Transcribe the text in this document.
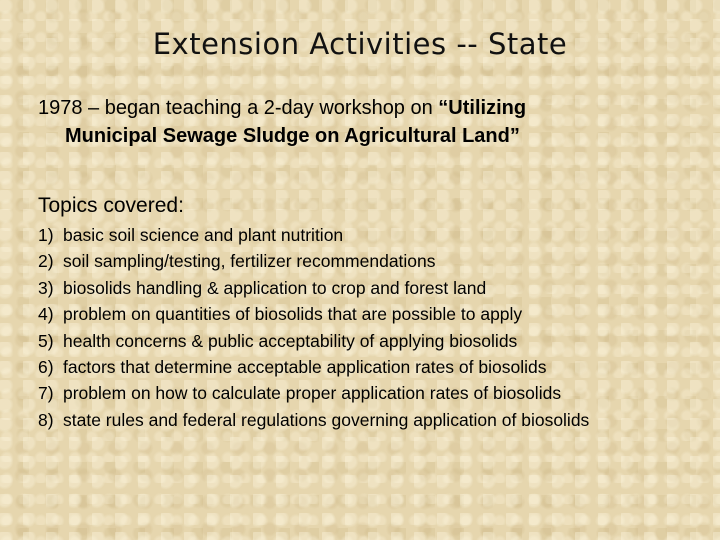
Extension Activities -- State
1978 – began teaching a 2-day workshop on “Utilizing
Municipal Sewage Sludge on Agricultural Land”
Topics covered:
1) basic soil science and plant nutrition
2) soil sampling/testing, fertilizer recommendations
3) biosolids handling & application to crop and forest land
4) problem on quantities of biosolids that are possible to apply
5) health concerns & public acceptability of applying biosolids
6) factors that determine acceptable application rates of biosolids
7) problem on how to calculate proper application rates of biosolids
8) state rules and federal regulations governing application of biosolids
